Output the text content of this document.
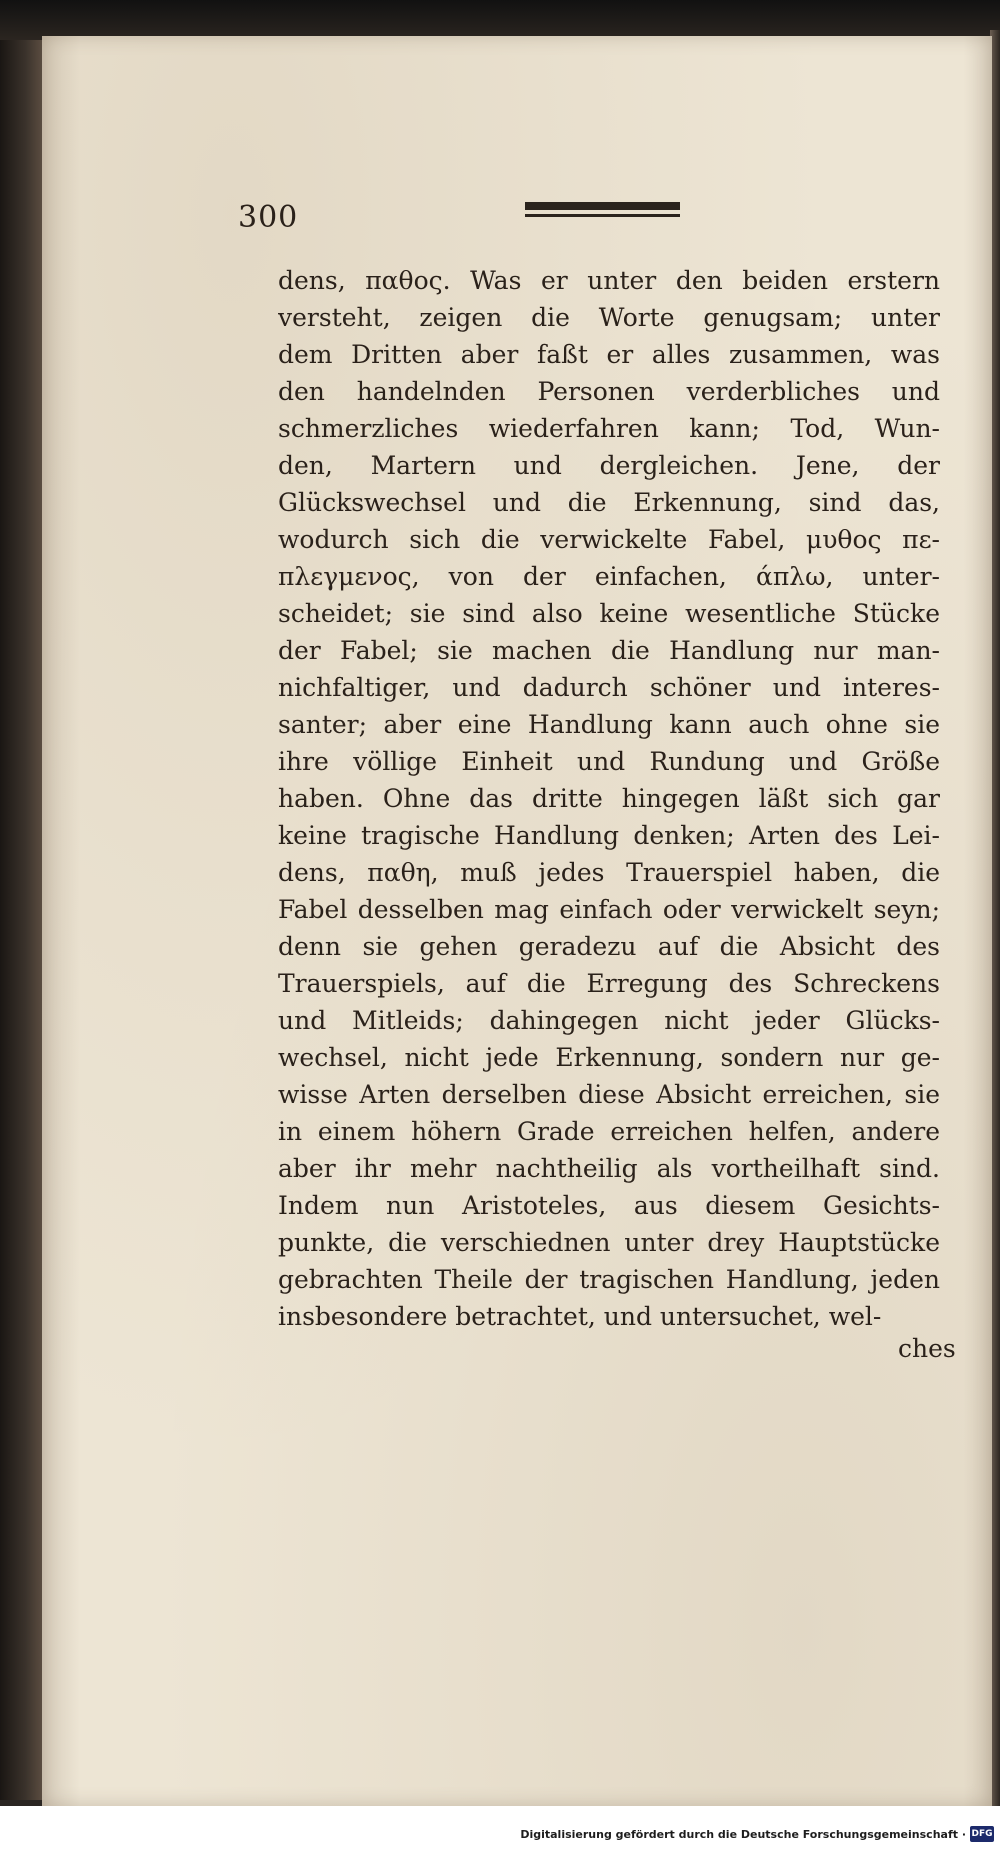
300
dens, παθος. Was er unter den beiden erstern
versteht, zeigen die Worte genugsam; unter
dem Dritten aber faßt er alles zusammen, was
den handelnden Personen verderbliches und
schmerzliches wiederfahren kann; Tod, Wun-
den, Martern und dergleichen. Jene, der
Glückswechsel und die Erkennung, sind das,
wodurch sich die verwickelte Fabel, μυθος πε-
πλεγμενος, von der einfachen, άπλω, unter-
scheidet; sie sind also keine wesentliche Stücke
der Fabel; sie machen die Handlung nur man-
nichfaltiger, und dadurch schöner und interes-
santer; aber eine Handlung kann auch ohne sie
ihre völlige Einheit und Rundung und Größe
haben. Ohne das dritte hingegen läßt sich gar
keine tragische Handlung denken; Arten des Lei-
dens, παθη, muß jedes Trauerspiel haben, die
Fabel desselben mag einfach oder verwickelt seyn;
denn sie gehen geradezu auf die Absicht des
Trauerspiels, auf die Erregung des Schreckens
und Mitleids; dahingegen nicht jeder Glücks-
wechsel, nicht jede Erkennung, sondern nur ge-
wisse Arten derselben diese Absicht erreichen, sie
in einem höhern Grade erreichen helfen, andere
aber ihr mehr nachtheilig als vortheilhaft sind.
Indem nun Aristoteles, aus diesem Gesichts-
punkte, die verschiednen unter drey Hauptstücke
gebrachten Theile der tragischen Handlung, jeden
insbesondere betrachtet, und untersuchet, wel-
ches
Digitalisierung gefördert durch die Deutsche Forschungsgemeinschaft · DFG
